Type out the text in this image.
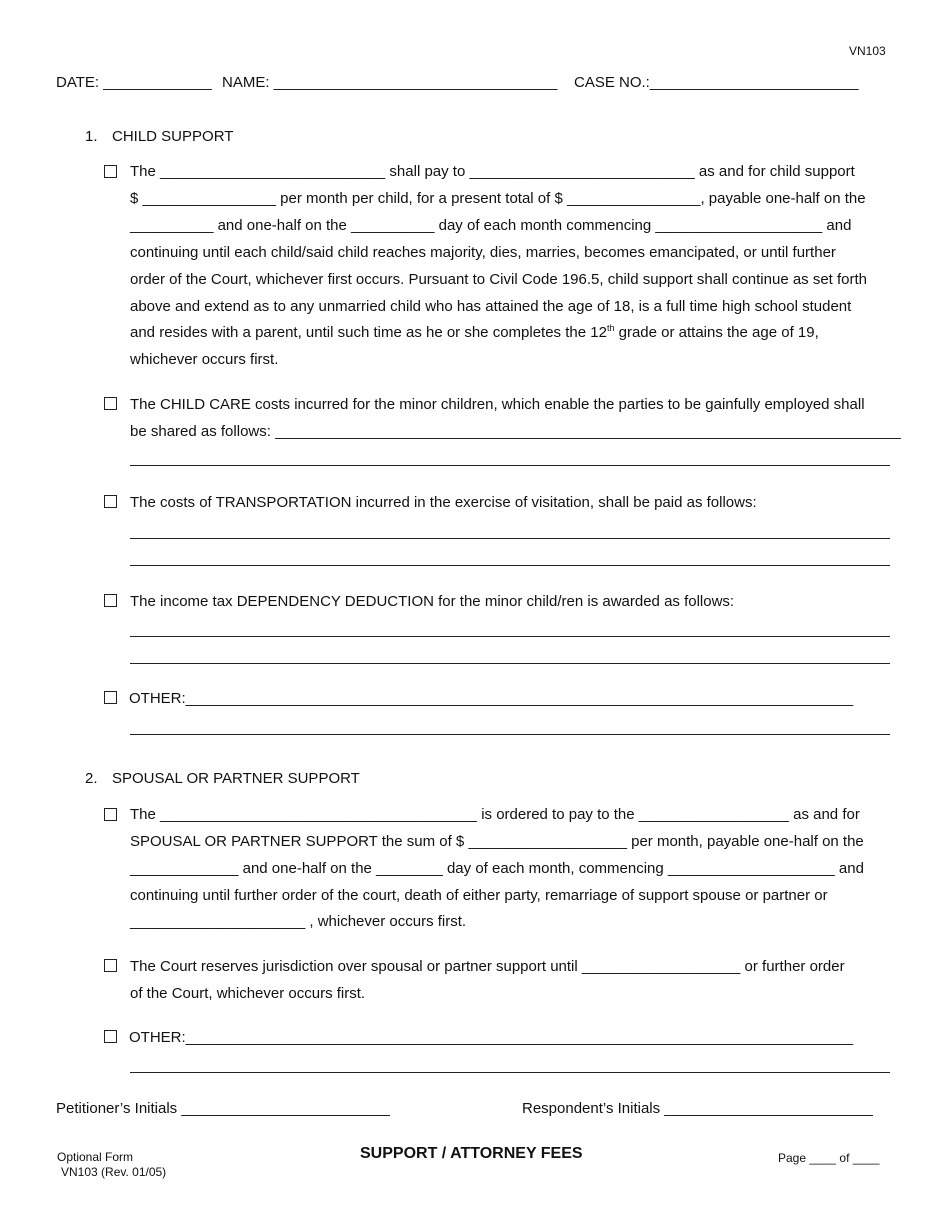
VN103
DATE: _____________ NAME: __________________________________ CASE NO.:_________________________
1. CHILD SUPPORT
The ___________________________ shall pay to ___________________________ as and for child support
$ ________________ per month per child, for a present total of $ ________________, payable one-half on the
__________ and one-half on the __________ day of each month commencing ____________________ and
continuing until each child/said child reaches majority, dies, marries, becomes emancipated, or until further
order of the Court, whichever first occurs. Pursuant to Civil Code 196.5, child support shall continue as set forth
above and extend as to any unmarried child who has attained the age of 18, is a full time high school student
and resides with a parent, until such time as he or she completes the 12th grade or attains the age of 19,
whichever occurs first.
The CHILD CARE costs incurred for the minor children, which enable the parties to be gainfully employed shall
be shared as follows: ___________________________________________________________________________
The costs of TRANSPORTATION incurred in the exercise of visitation, shall be paid as follows:
The income tax DEPENDENCY DEDUCTION for the minor child/ren is awarded as follows:
OTHER:________________________________________________________________________________
2. SPOUSAL OR PARTNER SUPPORT
The ______________________________________ is ordered to pay to the __________________ as and for
SPOUSAL OR PARTNER SUPPORT the sum of $ ___________________ per month, payable one-half on the
_____________ and one-half on the ________ day of each month, commencing ____________________ and
continuing until further order of the court, death of either party, remarriage of support spouse or partner or
_____________________ , whichever occurs first.
The Court reserves jurisdiction over spousal or partner support until ___________________ or further order
of the Court, whichever occurs first.
OTHER:________________________________________________________________________________
Petitioner’s Initials _________________________	Respondent’s Initials _________________________
Optional Form
VN103 (Rev. 01/05)
SUPPORT / ATTORNEY FEES	Page ____ of ____
